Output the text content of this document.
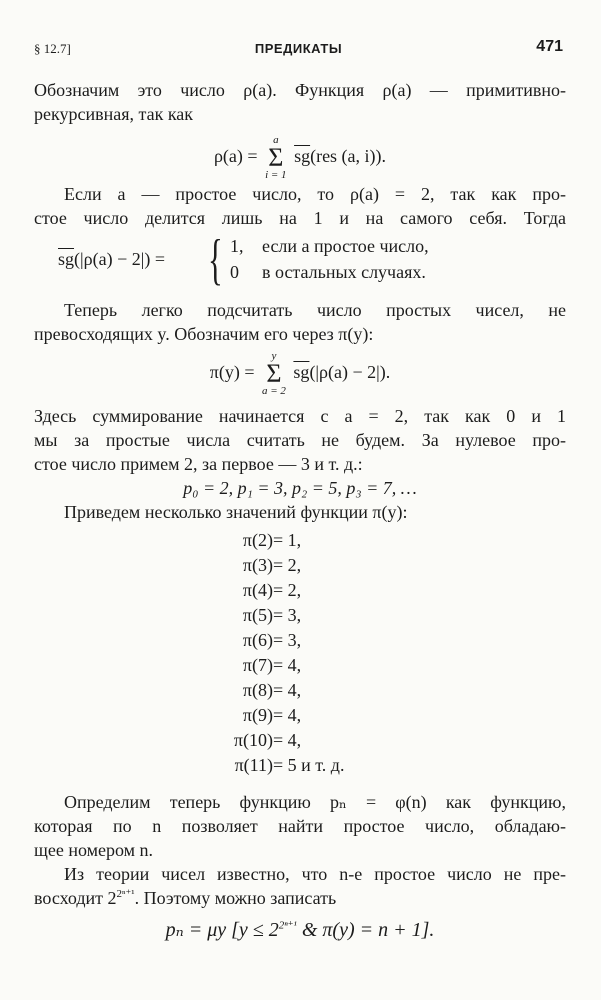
§ 12.7]	ПРЕДИКАТЫ	471
Обозначим это число ρ(a). Функция ρ(a) — примитивно-
рекурсивная, так как
ρ(a) =
a
Σ
i = 1
$\overline{sg}(res$ (a, i)).
Если a — простое число, то ρ(a) = 2, так как про-
стое число делится лишь на 1 и на самого себя. Тогда
$\overline{sg}(|\rho(a) - 2|)$ = { 1, если a простое число,
0 в остальных случаях.
Теперь легко подсчитать число простых чисел, не
превосходящих y. Обозначим его через π(y):
π(y) =
y
Σ
a = 2
$\overline{sg}(|\rho(a) - 2|)$.
Здесь суммирование начинается с a = 2, так как 0 и 1
мы за простые числа считать не будем. За нулевое про-
стое число примем 2, за первое — 3 и т. д.:
p₀ = 2, p₁ = 3, p₂ = 5, p₃ = 7, …
Приведем несколько значений функции π(y):
π(2)= 1,
π(3)= 2,
π(4)= 2,
π(5)= 3,
π(6)= 3,
π(7)= 4,
π(8)= 4,
π(9)= 4,
π(10)= 4,
π(11)= 5 и т. д.
Определим теперь функцию pₙ = φ(n) как функцию,
которая по n позволяет найти простое число, обладаю-
щее номером n.
Из теории чисел известно, что n-е простое число не пре-
восходит $2^{2^{n+1}}$. Поэтому можно записать
pₙ = μy [$y \le 2^{2^{n+1}}$ & π(y) = n + 1].
